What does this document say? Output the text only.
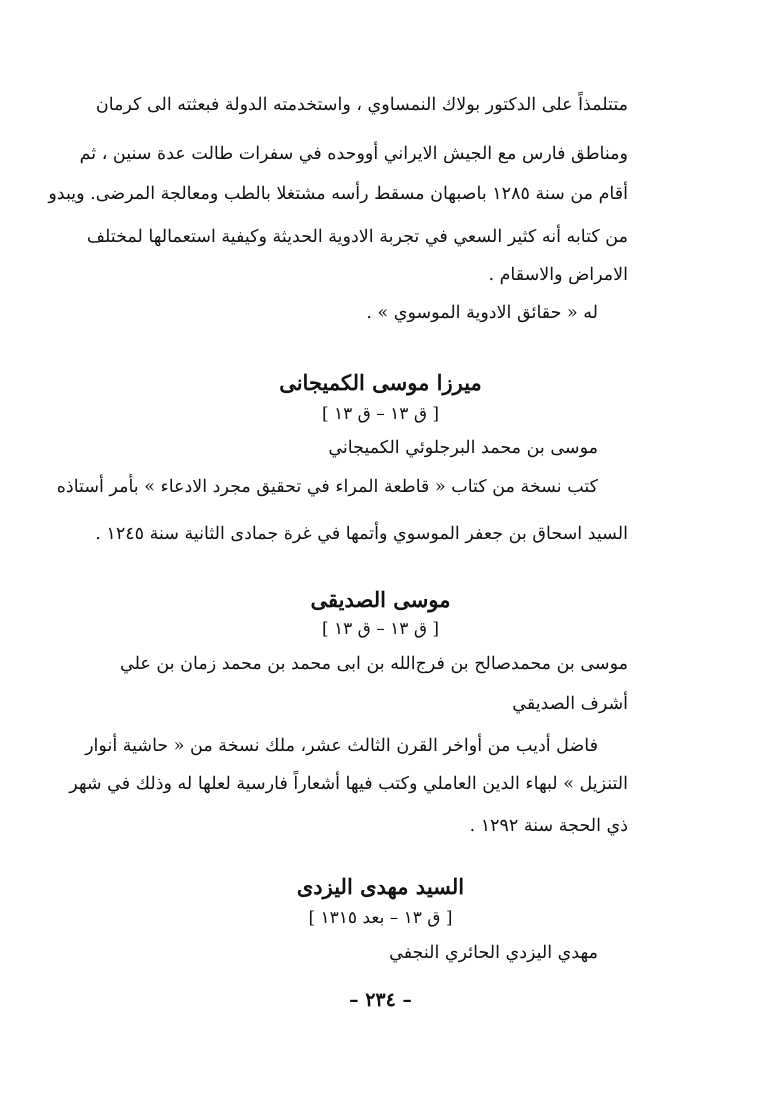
متتلمذاً على الدكتور بولاك النمساوي ، واستخدمته الدولة فبعثته الى كرمان

ومناطق فارس مع الجيش الايراني أووحده في سفرات طالت عدة سنين ، ثم

أقام من سنة ١٢٨٥ باصبهان مسقط رأسه مشتغلا بالطب ومعالجة المرضى. ويبدو

من كتابه أنه كثير السعي في تجربة الادوية الحديثة وكيفية استعمالها لمختلف

الامراض والاسقام .

له « حقائق الادوية الموسوي » .

ميرزا موسى الكميجانى
[ ق ١٣ – ق ١٣ ]

موسى بن محمد البرجلوئي الكميجاني

كتب نسخة من كتاب « قاطعة المراء في تحقيق مجرد الادعاء » بأمر أستاذه

السيد اسحاق بن جعفر الموسوي وأتمها في غرة جمادى الثانية سنة ١٢٤٥ .

موسى الصديقى
[ ق ١٣ – ق ١٣ ]

موسى بن محمدصالح بن فرج‌الله بن ابى محمد بن محمد زمان بن علي

أشرف الصديقي

فاضل أديب من أواخر القرن الثالث عشر، ملك نسخة من « حاشية أنوار

التنزيل » لبهاء الدين العاملي وكتب فيها أشعاراً فارسية لعلها له وذلك في شهر

ذي الحجة سنة ١٢٩٢ .

السيد مهدى اليزدى
[ ق ١٣ – بعد ١٣١٥ ]

مهدي اليزدي الحائري النجفي

– ٢٣٤ –
